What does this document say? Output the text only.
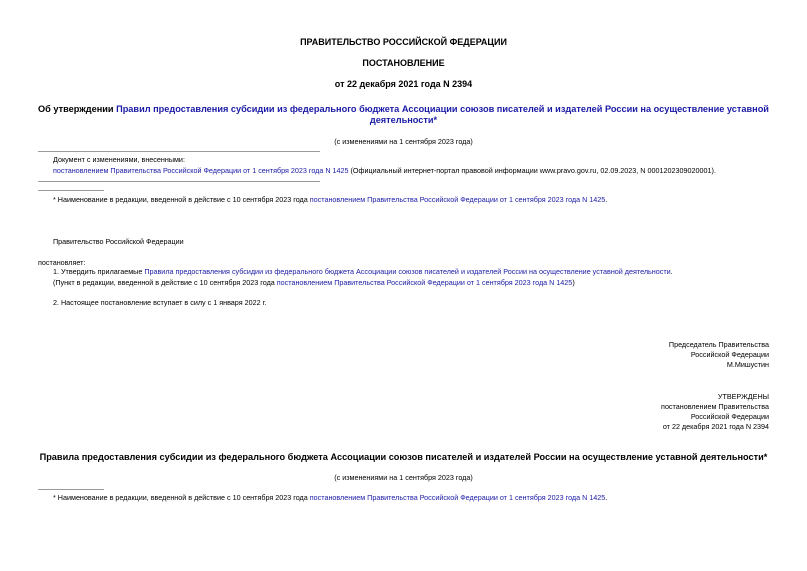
ПРАВИТЕЛЬСТВО РОССИЙСКОЙ ФЕДЕРАЦИИ
ПОСТАНОВЛЕНИЕ
от 22 декабря 2021 года N 2394
Об утверждении Правил предоставления субсидии из федерального бюджета Ассоциации союзов писателей и издателей России на осуществление уставной
деятельности*
(с изменениями на 1 сентября 2023 года)
Документ с изменениями, внесенными:
постановлением Правительства Российской Федерации от 1 сентября 2023 года N 1425 (Официальный интернет-портал правовой информации www.pravo.gov.ru, 02.09.2023, N 0001202309020001).
* Наименование в редакции, введенной в действие с 10 сентября 2023 года постановлением Правительства Российской Федерации от 1 сентября 2023 года N 1425.
Правительство Российской Федерации
постановляет:
1. Утвердить прилагаемые Правила предоставления субсидии из федерального бюджета Ассоциации союзов писателей и издателей России на осуществление уставной деятельности.
(Пункт в редакции, введенной в действие с 10 сентября 2023 года постановлением Правительства Российской Федерации от 1 сентября 2023 года N 1425)
2. Настоящее постановление вступает в силу с 1 января 2022 г.
Председатель Правительства
Российской Федерации
М.Мишустин
УТВЕРЖДЕНЫ
постановлением Правительства
Российской Федерации
от 22 декабря 2021 года N 2394
Правила предоставления субсидии из федерального бюджета Ассоциации союзов писателей и издателей России на осуществление уставной деятельности*
(с изменениями на 1 сентября 2023 года)
* Наименование в редакции, введенной в действие с 10 сентября 2023 года постановлением Правительства Российской Федерации от 1 сентября 2023 года N 1425.
